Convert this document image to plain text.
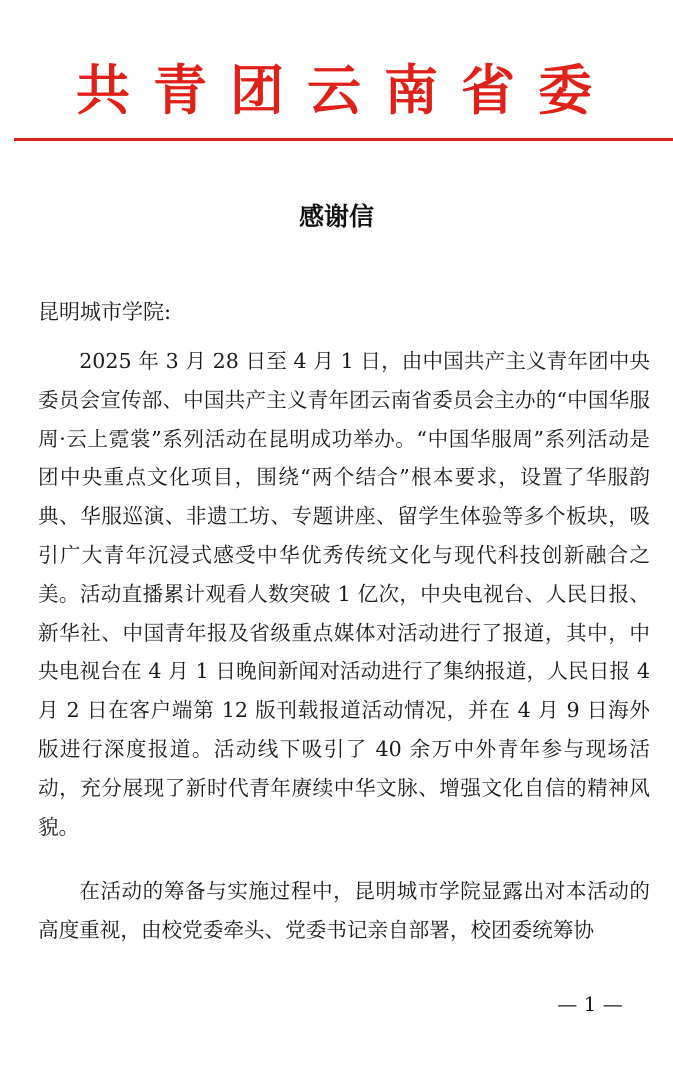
共青团云南省委
感谢信
昆明城市学院:

2025 年 3 月 28 日至 4 月 1 日，由中国共产主义青年团中央委员会宣传部、中国共产主义青年团云南省委员会主办的“中国华服周·云上霓裳”系列活动在昆明成功举办。“中国华服周”系列活动是团中央重点文化项目，围绕“两个结合”根本要求，设置了华服韵典、华服巡演、非遗工坊、专题讲座、留学生体验等多个板块，吸引广大青年沉浸式感受中华优秀传统文化与现代科技创新融合之美。活动直播累计观看人数突破 1 亿次，中央电视台、人民日报、新华社、中国青年报及省级重点媒体对活动进行了报道，其中，中央电视台在 4 月 1 日晚间新闻对活动进行了集纳报道，人民日报 4 月 2 日在客户端第 12 版刊载报道活动情况，并在 4 月 9 日海外版进行深度报道。活动线下吸引了 40 余万中外青年参与现场活动，充分展现了新时代青年赓续中华文脉、增强文化自信的精神风貌。

在活动的筹备与实施过程中，昆明城市学院显露出对本活动的高度重视，由校党委牵头、党委书记亲自部署，校团委统筹协

— 1 —
